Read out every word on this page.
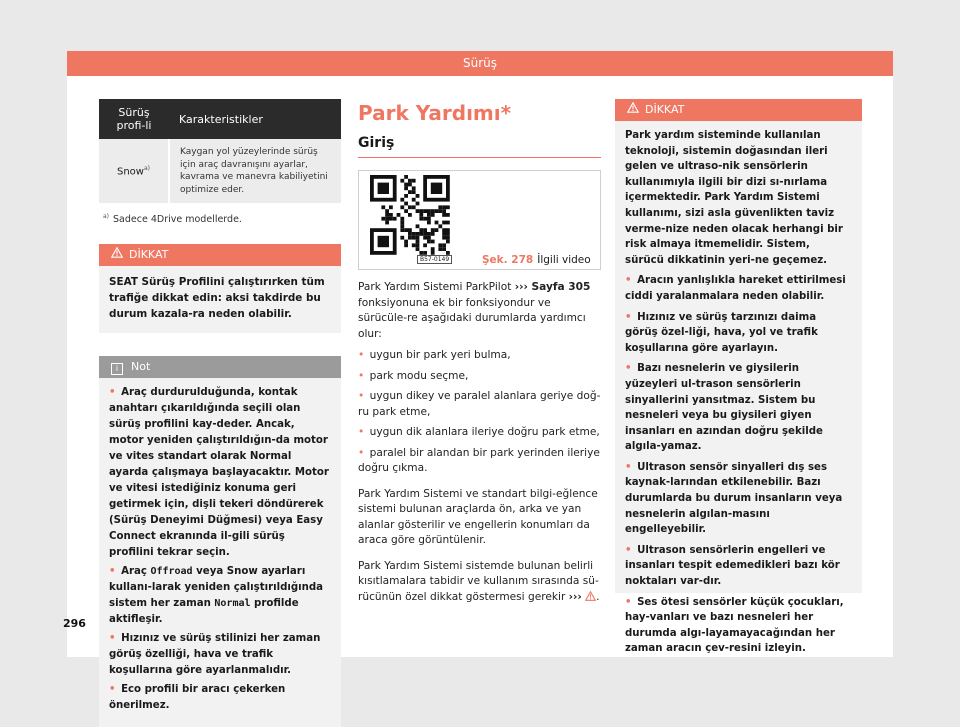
Sürüş
Sürüş profi-li	Karakteristikler
Snow$^{a)}$	Kaygan yol yüzeylerinde sürüş için araç davranışını ayarlar, kavrama ve manevra kabiliyetini optimize eder.
$^{a)}$ Sadece 4Drive modellerde.
DİKKAT
SEAT Sürüş Profilini çalıştırırken tüm trafiğe dikkat edin: aksi takdirde bu durum kazala-ra neden olabilir.
i Not
• Araç durdurulduğunda, kontak anahtarı çıkarıldığında seçili olan sürüş profilini kay-deder. Ancak, motor yeniden çalıştırıldığın-da motor ve vites standart olarak Normal ayarda çalışmaya başlayacaktır. Motor ve vitesi istediğiniz konuma geri getirmek için, dişli tekeri döndürerek (Sürüş Deneyimi Düğmesi) veya Easy Connect ekranında il-gili sürüş profilini tekrar seçin.
• Araç Offroad veya Snow ayarları kullanı-larak yeniden çalıştırıldığında sistem her zaman Normal profilde aktifleşir.
• Hızınız ve sürüş stilinizi her zaman görüş özelliği, hava ve trafik koşullarına göre ayarlanmalıdır.
• Eco profili bir aracı çekerken önerilmez.
Park Yardımı*
Giriş
B57-0149	Şek. 278 İlgili video
Park Yardım Sistemi ParkPilot ››› Sayfa 305 fonksiyonuna ek bir fonksiyondur ve sürücüle-re aşağıdaki durumlarda yardımcı olur:
• uygun bir park yeri bulma,
• park modu seçme,
• uygun dikey ve paralel alanlara geriye doğ-ru park etme,
• uygun dik alanlara ileriye doğru park etme,
• paralel bir alandan bir park yerinden ileriye doğru çıkma.
Park Yardım Sistemi ve standart bilgi-eğlence sistemi bulunan araçlarda ön, arka ve yan alanlar gösterilir ve engellerin konumları da araca göre görüntülenir.
Park Yardım Sistemi sistemde bulunan belirli kısıtlamalara tabidir ve kullanım sırasında sü-rücünün özel dikkat göstermesi gerekir ››› .
DİKKAT
Park yardım sisteminde kullanılan teknoloji, sistemin doğasından ileri gelen ve ultraso-nik sensörlerin kullanımıyla ilgili bir dizi sı-nırlama içermektedir. Park Yardım Sistemi kullanımı, sizi asla güvenlikten taviz verme-nize neden olacak herhangi bir risk almaya itmemelidir. Sistem, sürücü dikkatinin yeri-ne geçemez.
• Aracın yanlışlıkla hareket ettirilmesi ciddi yaralanmalara neden olabilir.
• Hızınız ve sürüş tarzınızı daima görüş özel-liği, hava, yol ve trafik koşullarına göre ayarlayın.
• Bazı nesnelerin ve giysilerin yüzeyleri ul-trason sensörlerin sinyallerini yansıtmaz. Sistem bu nesneleri veya bu giysileri giyen insanları en azından doğru şekilde algıla-yamaz.
• Ultrason sensör sinyalleri dış ses kaynak-larından etkilenebilir. Bazı durumlarda bu durum insanların veya nesnelerin algılan-masını engelleyebilir.
• Ultrason sensörlerin engelleri ve insanları tespit edemedikleri bazı kör noktaları var-dır.
• Ses ötesi sensörler küçük çocukları, hay-vanları ve bazı nesneleri her durumda algı-layamayacağından her zaman aracın çev-resini izleyin.
296
